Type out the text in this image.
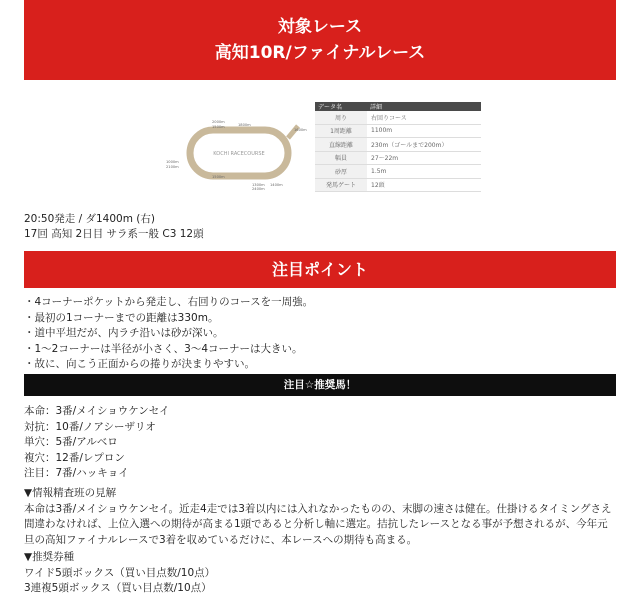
対象レース
高知10R/ファイナルレース
KOCHI RACECOURSE
1600m
2000m
1800m
1500m
1000m
2100m
1300m
2400m
1400m
1500m
データ名	詳細
周り	右回りコース
1周距離	1100m
直線距離	230m（ゴールまで200m）
幅員	27～22m
砂厚	1.5m
発馬ゲート	12頭
20:50発走 / ダ1400m (右)
17回 高知 2日目 サラ系一般 C3 12頭
注目ポイント
・4コーナーポケットから発走し、右回りのコースを一周強。
・最初の1コーナーまでの距離は330m。
・道中平坦だが、内ラチ沿いは砂が深い。
・1～2コーナーは半径が小さく、3～4コーナーは大きい。
・故に、向こう正面からの捲りが決まりやすい。
注目☆推奨馬！
本命：3番/メイショウケンセイ
対抗：10番/ノアシーザリオ
単穴：5番/アルベロ
複穴：12番/レプロン
注目：7番/ハッキョイ

▼情報精査班の見解

本命は3番/メイショウケンセイ。近走4走では3着以内には入れなかったものの、末脚の速さは健在。仕掛けるタイミングさえ間違わなければ、上位入選への期待が高まる1頭であると分析し軸に選定。拮抗したレースとなる事が予想されるが、今年元旦の高知ファイナルレースで3着を収めているだけに、本レースへの期待も高まる。

▼推奨券種
ワイド5頭ボックス（買い目点数/10点）
3連複5頭ボックス（買い目点数/10点）
